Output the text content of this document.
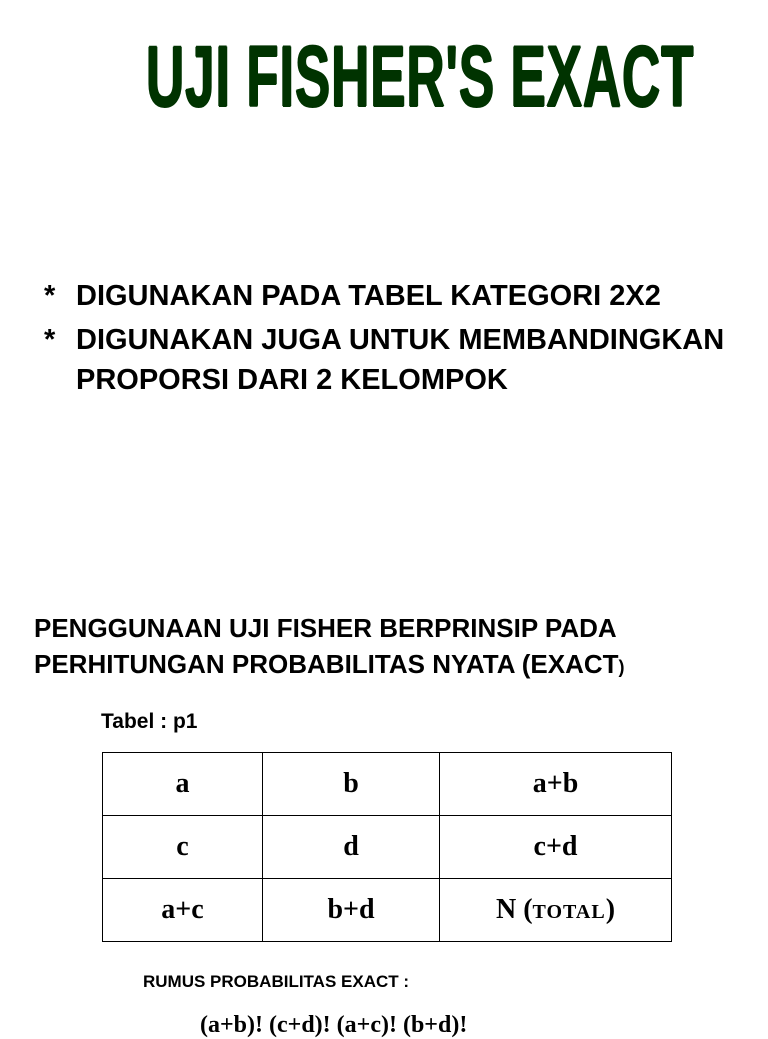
UJI FISHER'S EXACT
* DIGUNAKAN PADA TABEL KATEGORI 2X2
* DIGUNAKAN JUGA UNTUK MEMBANDINGKAN PROPORSI DARI 2 KELOMPOK
PENGGUNAAN UJI FISHER BERPRINSIP PADA PERHITUNGAN PROBABILITAS NYATA (EXACT)
Tabel : p1
a	b	a+b
c	d	c+d
a+c	b+d	N (TOTAL)
RUMUS PROBABILITAS EXACT :
(a+b)! (c+d)! (a+c)! (b+d)!
